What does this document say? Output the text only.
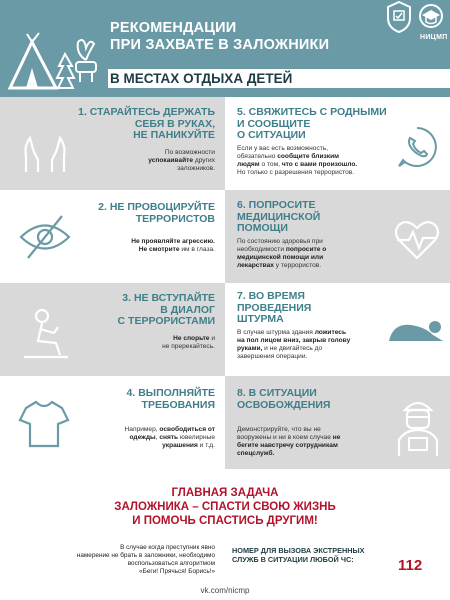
РЕКОМЕНДАЦИИ
ПРИ ЗАХВАТЕ В ЗАЛОЖНИКИ
В МЕСТАХ ОТДЫХА ДЕТЕЙ
НИЦМП
1. СТАРАЙТЕСЬ ДЕРЖАТЬ
СЕБЯ В РУКАХ,
НЕ ПАНИКУЙТЕ
По возможности
успокаивайте других
заложников.
5. СВЯЖИТЕСЬ С РОДНЫМИ
И СООБЩИТЕ
О СИТУАЦИИ
Если у вас есть возможность,
обязательно сообщите близким
людям о том, что с вами произошло.
Но только с разрешения террористов.
2. НЕ ПРОВОЦИРУЙТЕ
ТЕРРОРИСТОВ
Не проявляйте агрессию.
Не смотрите им в глаза.
6. ПОПРОСИТЕ
МЕДИЦИНСКОЙ
ПОМОЩИ
По состоянию здоровья при
необходимости попросите о
медицинской помощи или
лекарствах у террористов.
3. НЕ ВСТУПАЙТЕ
В ДИАЛОГ
С ТЕРРОРИСТАМИ
Не спорьте и
не пререкайтесь.
7. ВО ВРЕМЯ
ПРОВЕДЕНИЯ
ШТУРМА
В случае штурма здания ложитесь
на пол лицом вниз, закрыв голову
руками, и не двигайтесь до
завершения операции.
4. ВЫПОЛНЯЙТЕ
ТРЕБОВАНИЯ
Например, освободиться от
одежды, снять ювелирные
украшения и т.д.
8. В СИТУАЦИИ
ОСВОБОЖДЕНИЯ
Демонстрируйте, что вы не
вооружены и ни в коем случае не
бегите навстречу сотрудникам
спецслужб.
ГЛАВНАЯ ЗАДАЧА
ЗАЛОЖНИКА – СПАСТИ СВОЮ ЖИЗНЬ
И ПОМОЧЬ СПАСТИСЬ ДРУГИМ!
В случае когда преступник явно
намерение не брать в заложники, необходимо
воспользоваться алгоритмом
«Беги! Прячься! Борись!»
НОМЕР ДЛЯ ВЫЗОВА ЭКСТРЕННЫХ
СЛУЖБ В СИТУАЦИИ ЛЮБОЙ ЧС:	112
vk.com/nicmp
